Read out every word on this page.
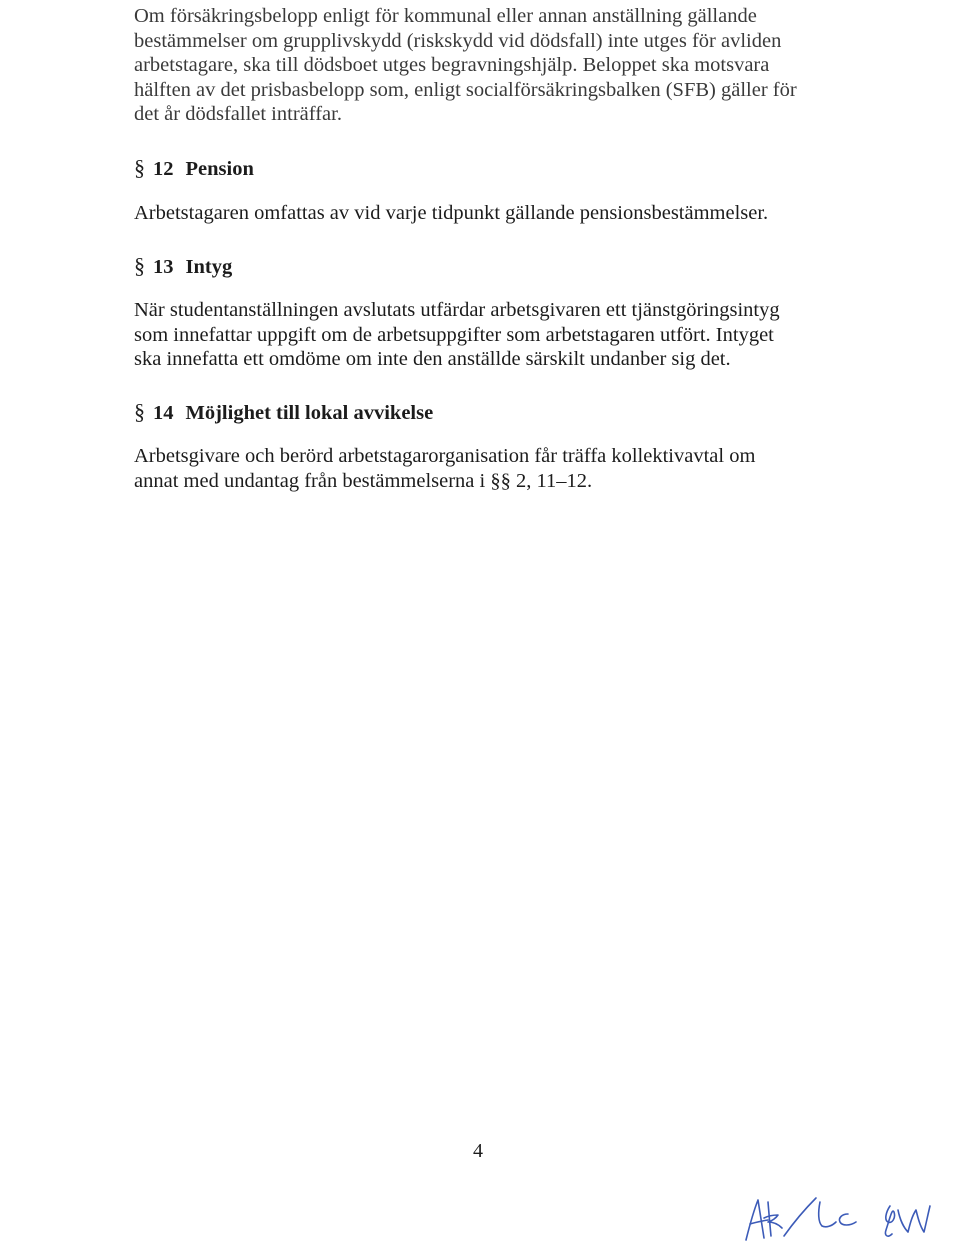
Om försäkringsbelopp enligt för kommunal eller annan anställning gällande
bestämmelser om grupplivskydd (riskskydd vid dödsfall) inte utges för avliden
arbetstagare, ska till dödsboet utges begravningshjälp. Beloppet ska motsvara
hälften av det prisbasbelopp som, enligt socialförsäkringsbalken (SFB) gäller för
det år dödsfallet inträffar.

§ 12 Pension

Arbetstagaren omfattas av vid varje tidpunkt gällande pensionsbestämmelser.

§ 13 Intyg

När studentanställningen avslutats utfärdar arbetsgivaren ett tjänstgöringsintyg
som innefattar uppgift om de arbetsuppgifter som arbetstagaren utfört. Intyget
ska innefatta ett omdöme om inte den anställde särskilt undanber sig det.

§ 14 Möjlighet till lokal avvikelse

Arbetsgivare och berörd arbetstagarorganisation får träffa kollektivavtal om
annat med undantag från bestämmelserna i §§ 2, 11–12.

4
